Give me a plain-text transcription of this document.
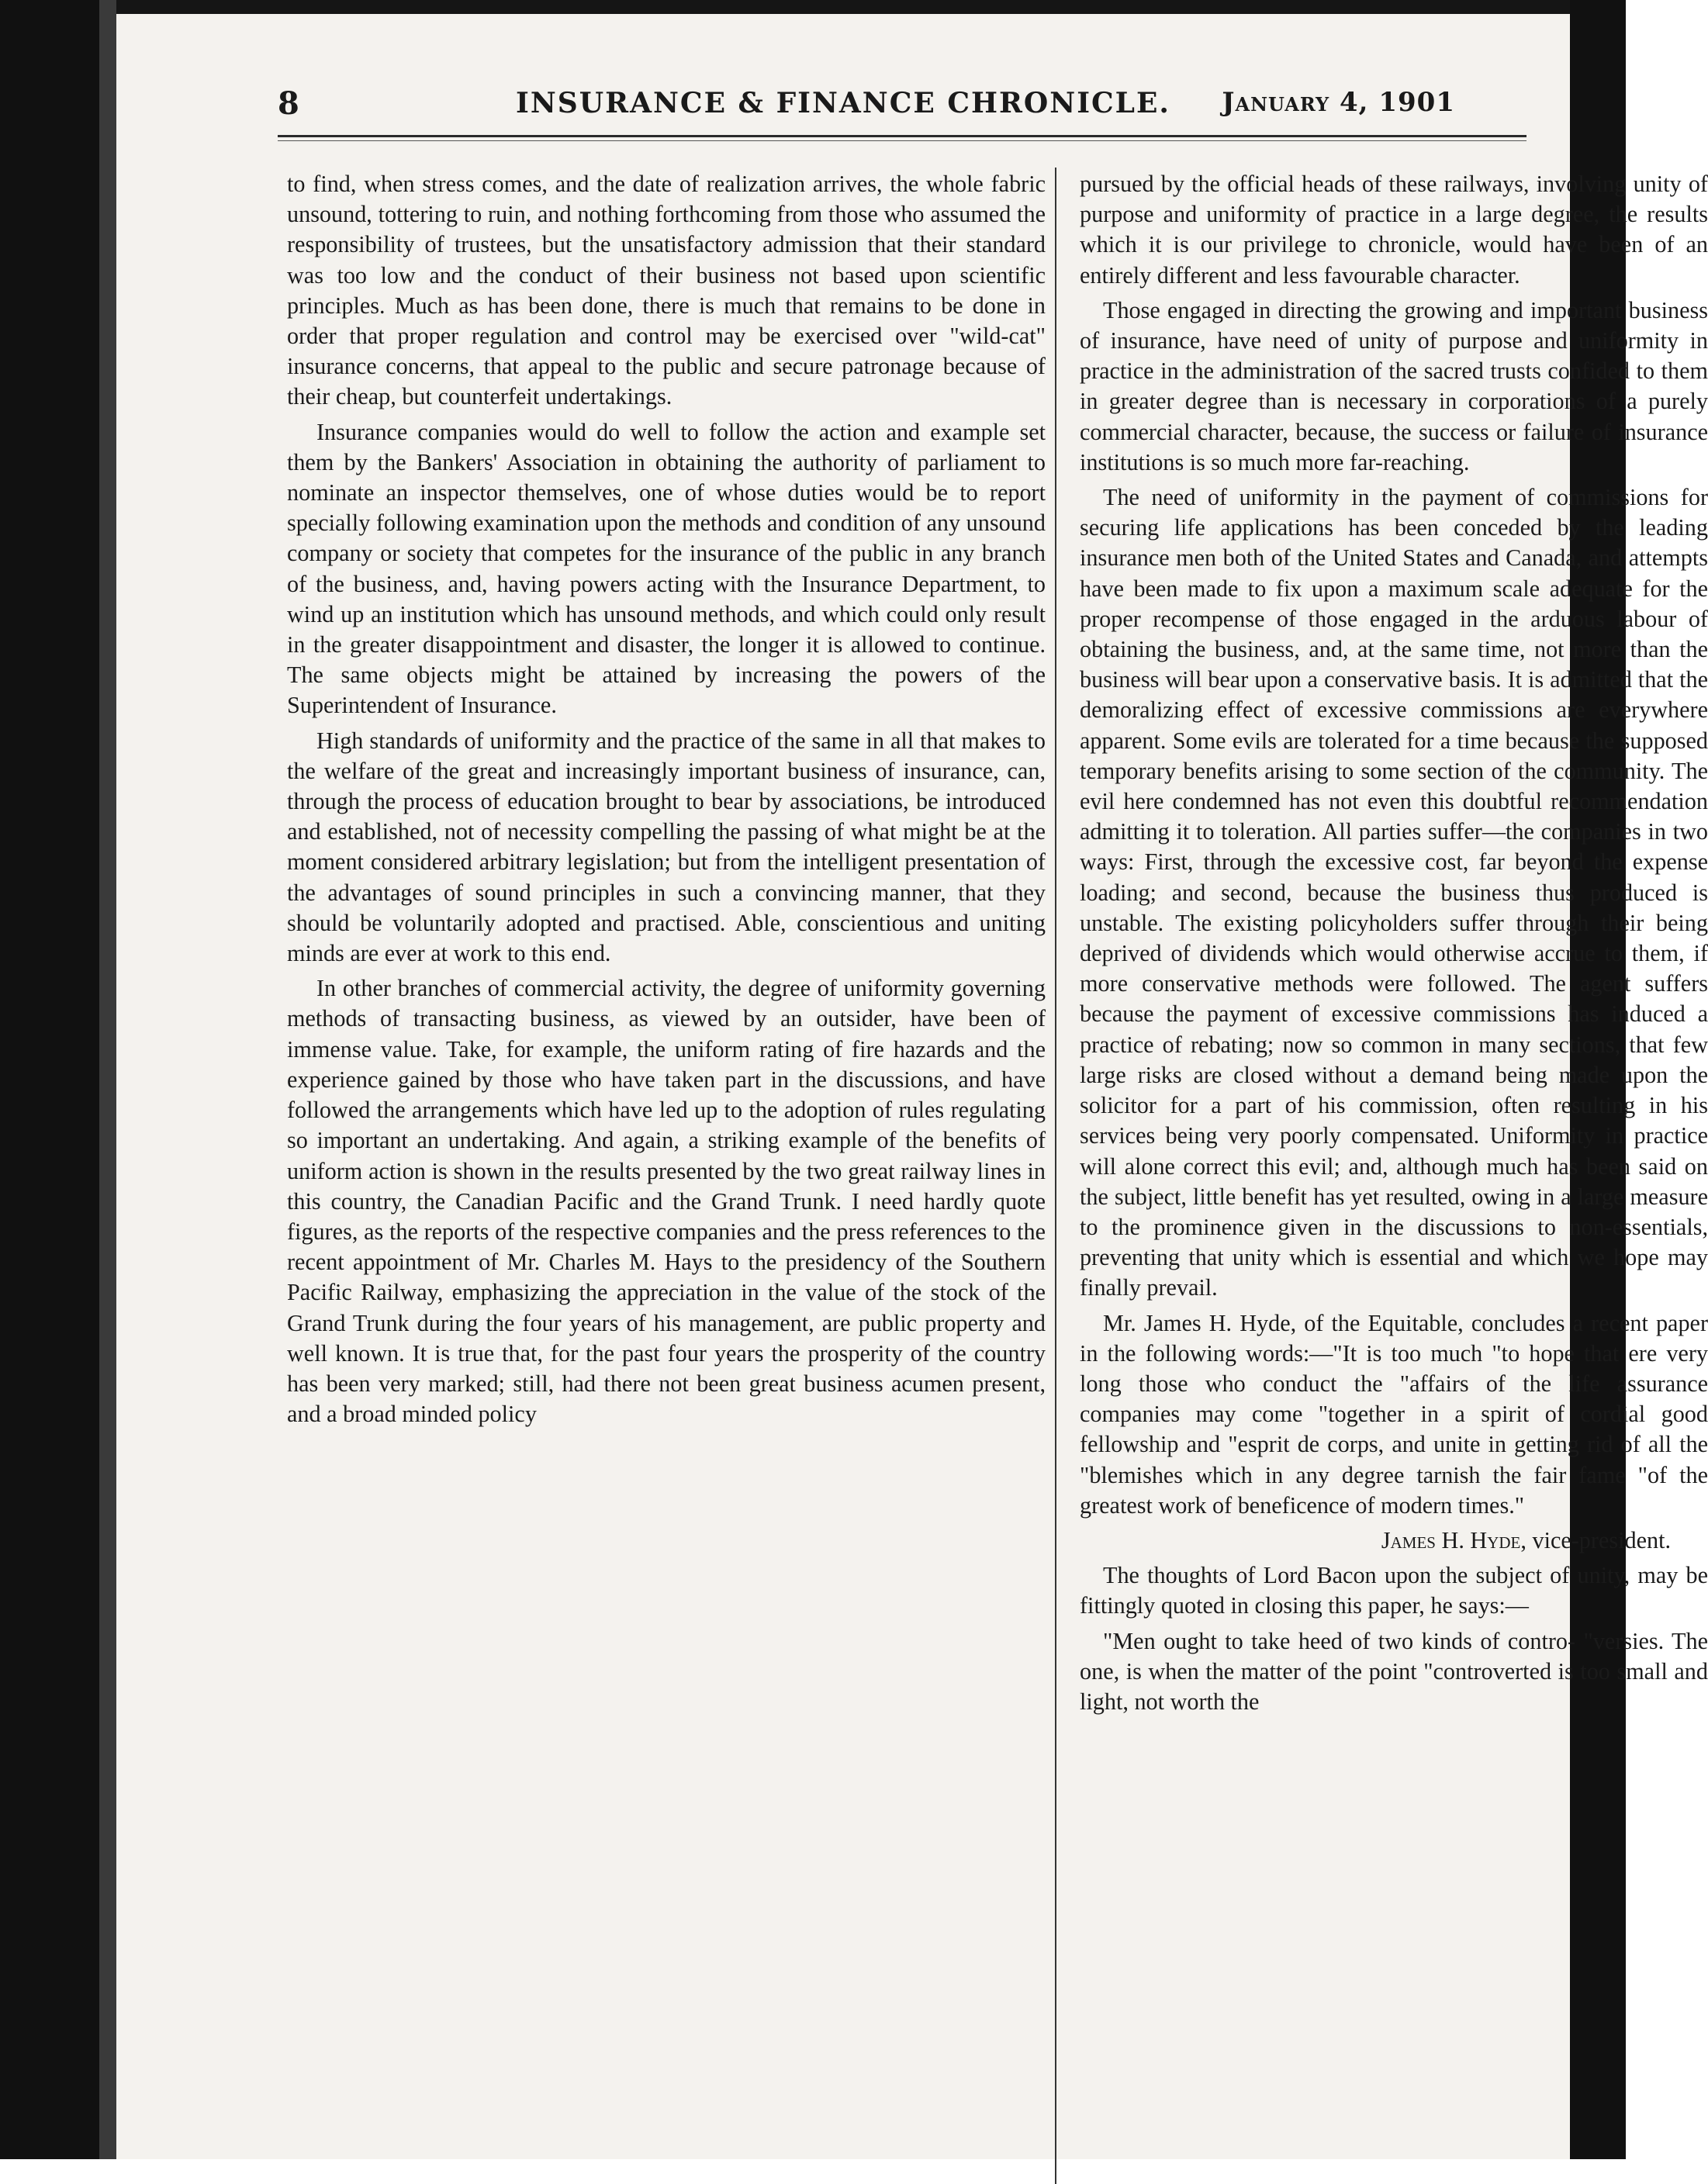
8	INSURANCE & FINANCE CHRONICLE.	January 4, 1901

to find, when stress comes, and the date of realization arrives, the whole fabric unsound, tottering to ruin, and nothing forthcoming from those who assumed the responsibility of trustees, but the unsatisfactory admission that their standard was too low and the conduct of their business not based upon scientific principles. Much as has been done, there is much that remains to be done in order that proper regulation and control may be exercised over "wild-cat" insurance concerns, that appeal to the public and secure patronage because of their cheap, but counterfeit undertakings.

Insurance companies would do well to follow the action and example set them by the Bankers' Association in obtaining the authority of parliament to nominate an inspector themselves, one of whose duties would be to report specially following examination upon the methods and condition of any unsound company or society that competes for the insurance of the public in any branch of the business, and, having powers acting with the Insurance Department, to wind up an institution which has unsound methods, and which could only result in the greater disappointment and disaster, the longer it is allowed to continue. The same objects might be attained by increasing the powers of the Superintendent of Insurance.

High standards of uniformity and the practice of the same in all that makes to the welfare of the great and increasingly important business of insurance, can, through the process of education brought to bear by associations, be introduced and established, not of necessity compelling the passing of what might be at the moment considered arbitrary legislation; but from the intelligent presentation of the advantages of sound principles in such a convincing manner, that they should be voluntarily adopted and practised. Able, conscientious and uniting minds are ever at work to this end.

In other branches of commercial activity, the degree of uniformity governing methods of transacting business, as viewed by an outsider, have been of immense value. Take, for example, the uniform rating of fire hazards and the experience gained by those who have taken part in the discussions, and have followed the arrangements which have led up to the adoption of rules regulating so important an undertaking. And again, a striking example of the benefits of uniform action is shown in the results presented by the two great railway lines in this country, the Canadian Pacific and the Grand Trunk. I need hardly quote figures, as the reports of the respective companies and the press references to the recent appointment of Mr. Charles M. Hays to the presidency of the Southern Pacific Railway, emphasizing the appreciation in the value of the stock of the Grand Trunk during the four years of his management, are public property and well known. It is true that, for the past four years the prosperity of the country has been very marked; still, had there not been great business acumen present, and a broad minded policy

pursued by the official heads of these railways, involving unity of purpose and uniformity of practice in a large degree, the results which it is our privilege to chronicle, would have been of an entirely different and less favourable character.

Those engaged in directing the growing and important business of insurance, have need of unity of purpose and uniformity in practice in the administration of the sacred trusts confided to them in greater degree than is necessary in corporations of a purely commercial character, because, the success or failure of insurance institutions is so much more far-reaching.

The need of uniformity in the payment of commissions for securing life applications has been conceded by the leading insurance men both of the United States and Canada, and attempts have been made to fix upon a maximum scale adequate for the proper recompense of those engaged in the arduous labour of obtaining the business, and, at the same time, not more than the business will bear upon a conservative basis. It is admitted that the demoralizing effect of excessive commissions are everywhere apparent. Some evils are tolerated for a time because the supposed temporary benefits arising to some section of the community. The evil here condemned has not even this doubtful recommendation admitting it to toleration. All parties suffer—the companies in two ways: First, through the excessive cost, far beyond the expense loading; and second, because the business thus produced is unstable. The existing policyholders suffer through their being deprived of dividends which would otherwise accrue to them, if more conservative methods were followed. The agent suffers because the payment of excessive commissions has induced a practice of rebating; now so common in many sections, that few large risks are closed without a demand being made upon the solicitor for a part of his commission, often resulting in his services being very poorly compensated. Uniformity in practice will alone correct this evil; and, although much has been said on the subject, little benefit has yet resulted, owing in a large measure to the prominence given in the discussions to non-essentials, preventing that unity which is essential and which we hope may finally prevail.

Mr. James H. Hyde, of the Equitable, concludes a recent paper in the following words:—"It is too much "to hope that ere very long those who conduct the "affairs of the life assurance companies may come "together in a spirit of cordial good fellowship and "esprit de corps, and unite in getting rid of all the "blemishes which in any degree tarnish the fair fame "of the greatest work of beneficence of modern times."

James H. Hyde, vice-president.

The thoughts of Lord Bacon upon the subject of unity, may be fittingly quoted in closing this paper, he says:—

"Men ought to take heed of two kinds of contro- "versies. The one, is when the matter of the point "controverted is too small and light, not worth the
